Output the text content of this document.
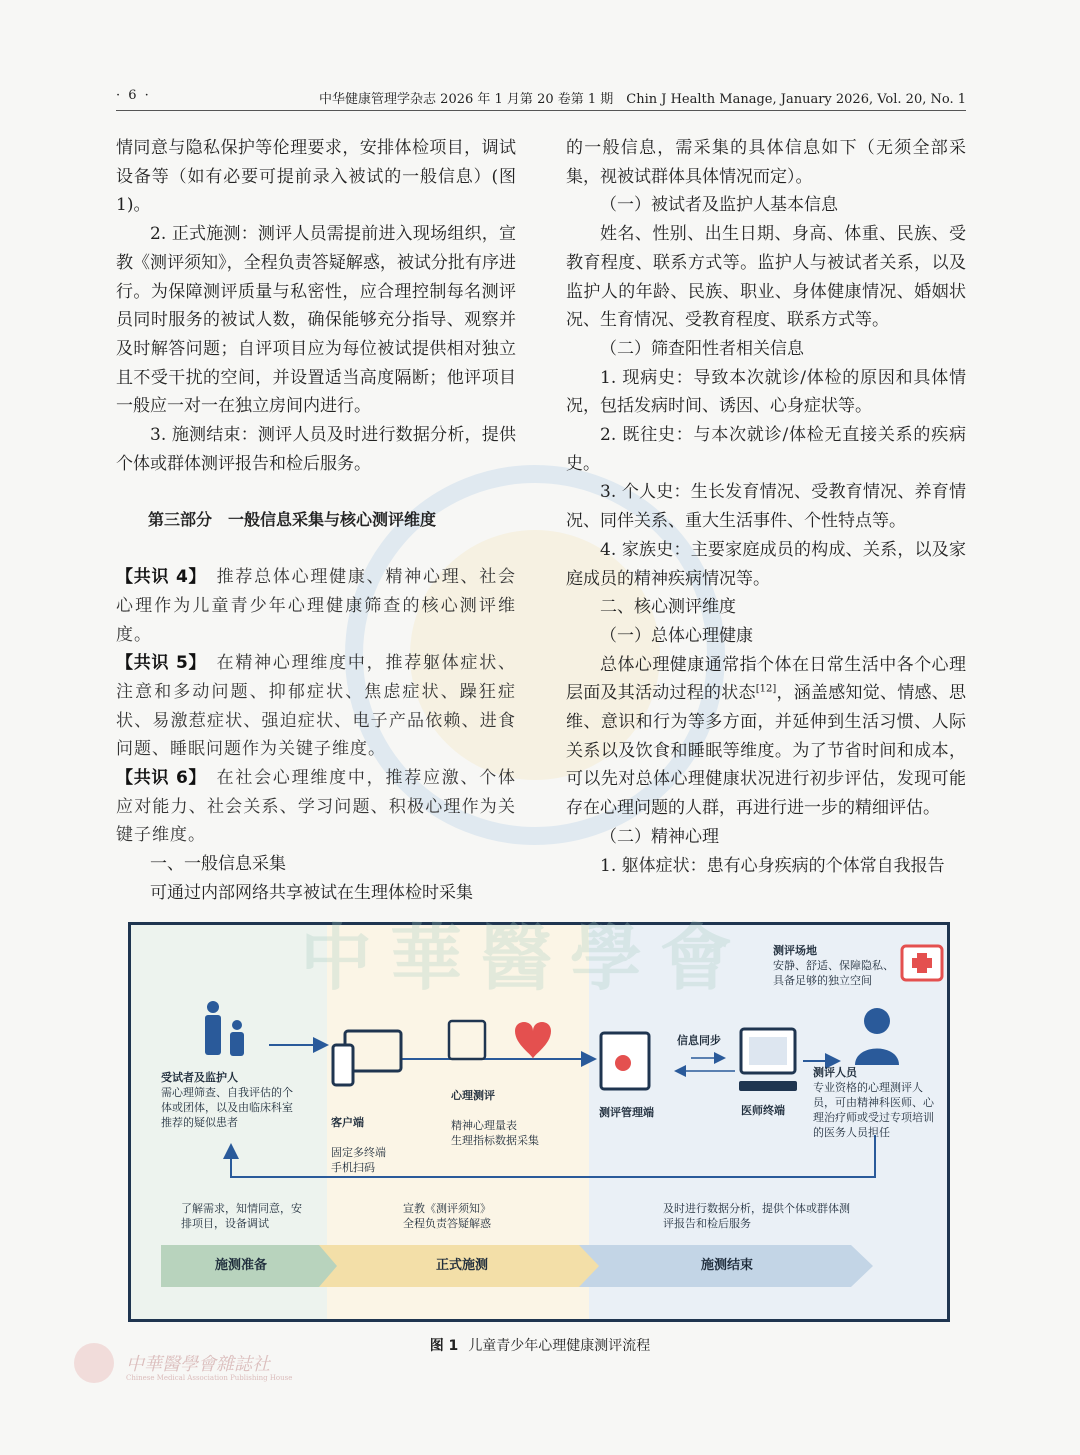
· 6 ·	中华健康管理学杂志 2026 年 1 月第 20 卷第 1 期　Chin J Health Manage, January 2026, Vol. 20, No. 1

情同意与隐私保护等伦理要求，安排体检项目，调试设备等（如有必要可提前录入被试的一般信息）(图1)。

2. 正式施测：测评人员需提前进入现场组织，宣教《测评须知》，全程负责答疑解惑，被试分批有序进行。为保障测评质量与私密性，应合理控制每名测评员同时服务的被试人数，确保能够充分指导、观察并及时解答问题；自评项目应为每位被试提供相对独立且不受干扰的空间，并设置适当高度隔断；他评项目一般应一对一在独立房间内进行。

3. 施测结束：测评人员及时进行数据分析，提供个体或群体测评报告和检后服务。

第三部分　一般信息采集与核心测评维度

【共识 4】　 推荐总体心理健康、精神心理、社会心理作为儿童青少年心理健康筛查的核心测评维度。

【共识 5】　 在精神心理维度中，推荐躯体症状、注意和多动问题、抑郁症状、焦虑症状、躁狂症状、易激惹症状、强迫症状、电子产品依赖、进食问题、睡眠问题作为关键子维度。

【共识 6】　 在社会心理维度中，推荐应激、个体应对能力、社会关系、学习问题、积极心理作为关键子维度。

一、一般信息采集

可通过内部网络共享被试在生理体检时采集

的一般信息，需采集的具体信息如下（无须全部采集，视被试群体具体情况而定）。

（一）被试者及监护人基本信息

姓名、性别、出生日期、身高、体重、民族、受教育程度、联系方式等。监护人与被试者关系，以及监护人的年龄、民族、职业、身体健康情况、婚姻状况、生育情况、受教育程度、联系方式等。

（二）筛查阳性者相关信息

1. 现病史：导致本次就诊/体检的原因和具体情况，包括发病时间、诱因、心身症状等。

2. 既往史：与本次就诊/体检无直接关系的疾病史。

3. 个人史：生长发育情况、受教育情况、养育情况、同伴关系、重大生活事件、个性特点等。

4. 家族史：主要家庭成员的构成、关系，以及家庭成员的精神疾病情况等。

二、核心测评维度

（一）总体心理健康

总体心理健康通常指个体在日常生活中各个心理层面及其活动过程的状态[12]，涵盖感知觉、情感、思维、意识和行为等多方面，并延伸到生活习惯、人际关系以及饮食和睡眠等维度。为了节省时间和成本，可以先对总体心理健康状况进行初步评估，发现可能存在心理问题的人群，再进行进一步的精细评估。

（二）精神心理

1. 躯体症状：患有心身疾病的个体常自我报告

受试者及监护人
需心理筛查、自我评估的个体或团体，以及由临床科室推荐的疑似患者	客户端

固定多终端
手机扫码

心理测评

精神心理量表
生理指标数据采集

测评管理端
信息同步
医师终端
测评场地
安静、舒适、保障隐私、具备足够的独立空间
测评人员
专业资格的心理测评人员，可由精神科医师、心理治疗师或受过专项培训的医务人员担任
了解需求，知情同意，安排项目，设备调试
宣教《测评须知》
全程负责答疑解惑
及时进行数据分析，提供个体或群体测评报告和检后服务
施测准备	正式施测	施测结束
中華醫學會
图 1 儿童青少年心理健康测评流程
中華醫學會雜誌社
Chinese Medical Association Publishing House
